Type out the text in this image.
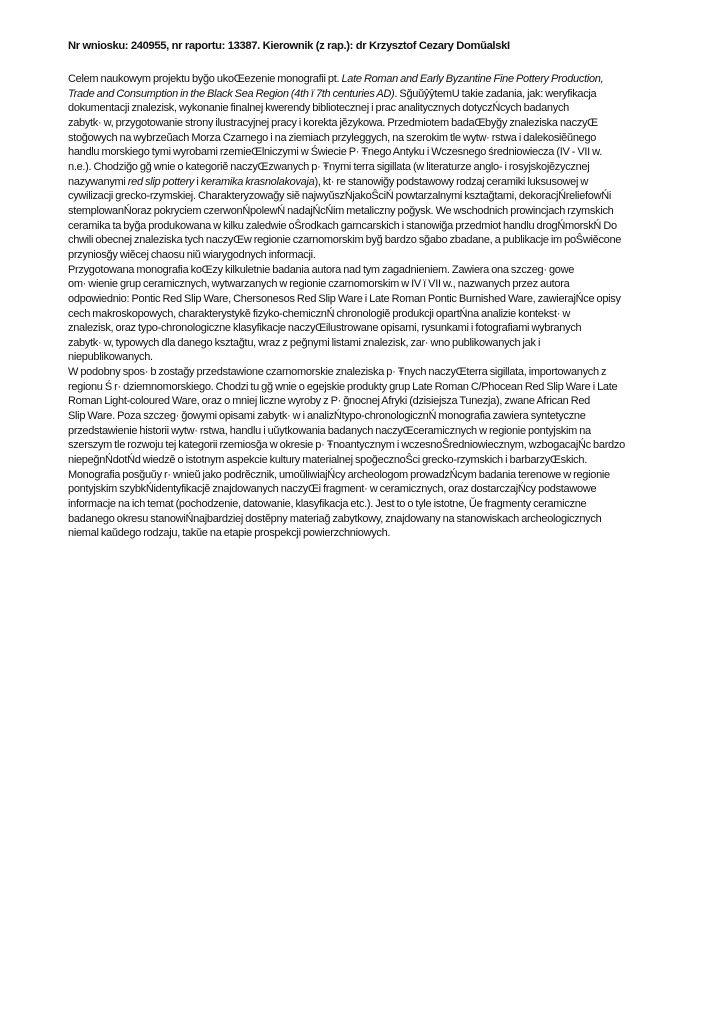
Nr wniosku: 240955, nr raportu: 13387. Kierownik (z rap.): dr Krzysztof Cezary DomŭalskI
Celem naukowym projektu byğo ukoŒezenie monografii pt. Late Roman and Early Byzantine Fine Pottery Production,
Trade and Consumption in the Black Sea Region (4th ï 7th centuries AD). SğuŭŷŷtemU takie zadania, jak: weryfikacja
dokumentacji znalezisk, wykonanie finalnej kwerendy bibliotecznej i prac analitycznych dotyczŃcych badanych
zabytk· w, przygotowanie strony ilustracyjnej pracy i korekta jĕzykowa. Przedmiotem badaŒbyğy znaleziska naczyŒ
stoğowych na wybrzeŭach Morza Czarnego i na ziemiach przyleggych, na szerokim tle wytw· rstwa i dalekosiĕŭnego
handlu morskiego tymi wyrobami rzemieŒlniczymi w Świecie P· Ŧnego Antyku i Wczesnego średniowiecza (IV - VII w.
n.e.). Chodziğo gğ wnie o kategoriĕ naczyŒzwanych p· Ŧnymi terra sigillata (w literaturze anglo- i rosyjskojĕzycznej
nazywanymi red slip pottery i keramika krasnolakovaja), kt· re stanowiğy podstawowy rodzaj ceramiki luksusowej w
cywilizacji grecko-rzymskiej. Charakteryzowağy siĕ najwyŭszŃjakoŜciŃ powtarzalnymi ksztağtami, dekoracjŃreliefowŃi
stemplowanŃoraz pokryciem czerwonŃpolewŃ nadajŃcŃim metaliczny poğysk. We wschodnich prowincjach rzymskich
ceramika ta byğa produkowana w kilku zaledwie oŜrodkach garncarskich i stanowiğa przedmiot handlu drogŃmorskŃ Do
chwili obecnej znaleziska tych naczyŒw regionie czarnomorskim byğ bardzo sğabo zbadane, a publikacje im poŜwiĕcone
przyniosğy wiĕcej chaosu niŭ wiarygodnych informacji.
Przygotowana monografia koŒzy kilkuletnie badania autora nad tym zagadnieniem. Zawiera ona szczeg· gowe
om· wienie grup ceramicznych, wytwarzanych w regionie czarnomorskim w IV ï VII w., nazwanych przez autora
odpowiednio: Pontic Red Slip Ware, Chersonesos Red Slip Ware i Late Roman Pontic Burnished Ware, zawierajŃce opisy
cech makroskopowych, charakterystykĕ fizyko-chemicznŃ chronologiĕ produkcji opartŃna analizie kontekst· w
znalezisk, oraz typo-chronologiczne klasyfikacje naczyŒilustrowane opisami, rysunkami i fotografiami wybranych
zabytk· w, typowych dla danego ksztağtu, wraz z peğnymi listami znalezisk, zar· wno publikowanych jak i
niepublikowanych.
W podobny spos· b zostağy przedstawione czarnomorskie znaleziska p· Ŧnych naczyŒterra sigillata, importowanych z
regionu Ś r· dziemnomorskiego. Chodzi tu gğ wnie o egejskie produkty grup Late Roman C/Phocean Red Slip Ware i Late
Roman Light-coloured Ware, oraz o mniej liczne wyroby z P· ğnocnej Afryki (dzisiejsza Tunezja), zwane African Red
Slip Ware. Poza szczeg· ğowymi opisami zabytk· w i analizŃtypo-chronologicznŃ monografia zawiera syntetyczne
przedstawienie historii wytw· rstwa, handlu i uŭytkowania badanych naczyŒceramicznych w regionie pontyjskim na
szerszym tle rozwoju tej kategorii rzemiosğa w okresie p· Ŧnoantycznym i wczesnoŜredniowiecznym, wzbogacajŃc bardzo
niepeğnŃdotŃd wiedzĕ o istotnym aspekcie kultury materialnej spoğecznoŜci grecko-rzymskich i barbarzyŒskich.
Monografia posğuŭy r· wnieŭ jako podrĕcznik, umoŭliwiajŃcy archeologom prowadzŃcym badania terenowe w regionie
pontyjskim szybkŃidentyfikacjĕ znajdowanych naczyŒi fragment· w ceramicznych, oraz dostarczajŃcy podstawowe
informacje na ich temat (pochodzenie, datowanie, klasyfikacja etc.). Jest to o tyle istotne, Ŭe fragmenty ceramiczne
badanego okresu stanowiŃnajbardziej dostĕpny materiağ zabytkowy, znajdowany na stanowiskach archeologicznych
niemal kaŭdego rodzaju, takŭe na etapie prospekcji powierzchniowych.
